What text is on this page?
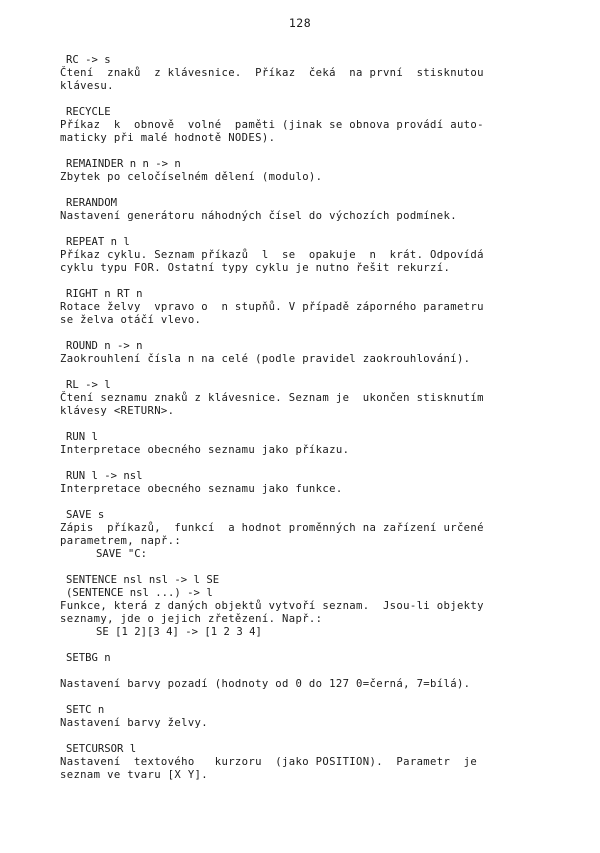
128
RC -> s
Čtení  znaků  z klávesnice.  Příkaz  čeká  na první  stisknutou
klávesu.
RECYCLE
Příkaz  k  obnově  volné  paměti (jinak se obnova provádí auto-
maticky při malé hodnotě NODES).
REMAINDER n n -> n
Zbytek po celočíselném dělení (modulo).
RERANDOM
Nastavení generátoru náhodných čísel do výchozích podmínek.
REPEAT n l
Příkaz cyklu. Seznam příkazů  l  se  opakuje  n  krát. Odpovídá
cyklu typu FOR. Ostatní typy cyklu je nutno řešit rekurzí.
RIGHT n RT n
Rotace želvy  vpravo o  n stupňů. V případě záporného parametru
se želva otáčí vlevo.
ROUND n -> n
Zaokrouhlení čísla n na celé (podle pravidel zaokrouhlování).
RL -> l
Čtení seznamu znaků z klávesnice. Seznam je  ukončen stisknutím
klávesy <RETURN>.
RUN l
Interpretace obecného seznamu jako příkazu.
RUN l -> nsl
Interpretace obecného seznamu jako funkce.
SAVE s
Zápis  příkazů,  funkcí  a hodnot proměnných na zařízení určené
parametrem, např.:
SAVE "C:
SENTENCE nsl nsl -> l SE
(SENTENCE nsl ...) -> l
Funkce, která z daných objektů vytvoří seznam.  Jsou-li objekty
seznamy, jde o jejich zřetězení. Např.:
SE [1 2][3 4] -> [1 2 3 4]
SETBG n

Nastavení barvy pozadí (hodnoty od 0 do 127 0=černá, 7=bílá).
SETC n
Nastavení barvy želvy.
SETCURSOR l
Nastavení  textového   kurzoru  (jako POSITION).  Parametr  je
seznam ve tvaru [X Y].
